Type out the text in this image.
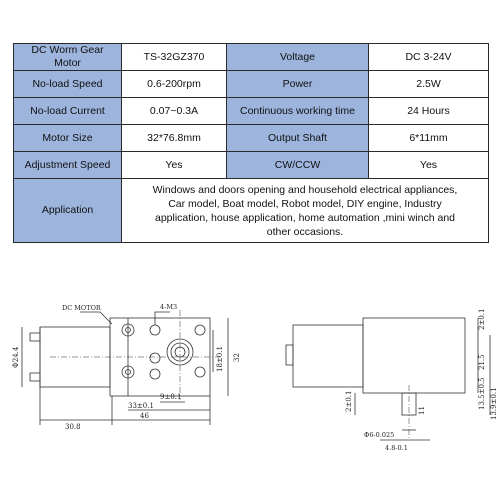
DC Worm Gear Motor	TS-32GZ370	Voltage	DC 3-24V
No-load Speed	0.6-200rpm	Power	2.5W
No-load Current	0.07~0.3A	Continuous working time	24 Hours
Motor Size	32*76.8mm	Output Shaft	6*11mm
Adjustment Speed	Yes	CW/CCW	Yes
Application	Windows and doors opening and household electrical appliances,
Car model, Boat model, Robot model, DIY engine, Industry
application, house application, home automation ,mini winch and
other occasions.		
DC MOTOR	4-M3
Φ24.4	18±0.1 32
9±0.1
33±0.1
46
30.8
2±0.1
21.5
13.5±0.5 13.9±0.1
2±0.1
Φ6-0.025
4.8-0.1
11
